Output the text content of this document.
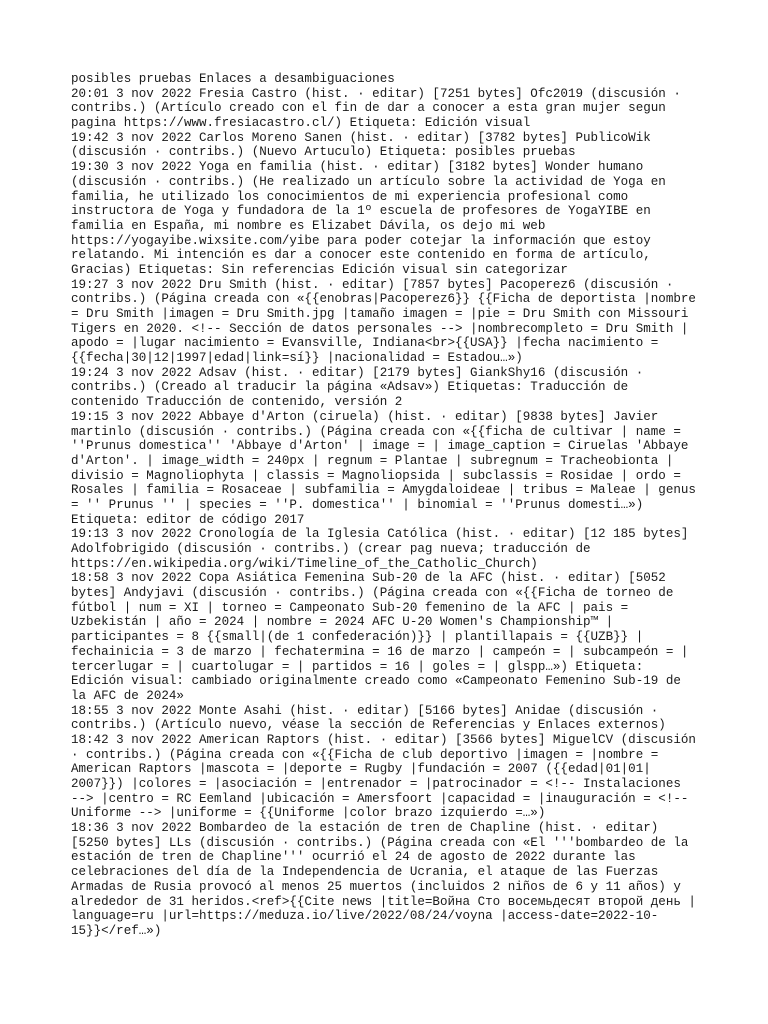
posibles pruebas Enlaces a desambiguaciones

20:01 3 nov 2022 Fresia Castro (hist. · editar) [7251 bytes] Ofc2019 (discusión ·

contribs.) (Artículo creado con el fin de dar a conocer a esta gran mujer segun

pagina https://www.fresiacastro.cl/) Etiqueta: Edición visual

19:42 3 nov 2022 Carlos Moreno Sanen (hist. · editar) [3782 bytes] PublicoWik

(discusión · contribs.) (Nuevo Artuculo) Etiqueta: posibles pruebas

19:30 3 nov 2022 Yoga en familia (hist. · editar) [3182 bytes] Wonder humano

(discusión · contribs.) (He realizado un artículo sobre la actividad de Yoga en

familia, he utilizado los conocimientos de mi experiencia profesional como

instructora de Yoga y fundadora de la 1º escuela de profesores de YogaYIBE en

familia en España, mi nombre es Elizabet Dávila, os dejo mi web

https://yogayibe.wixsite.com/yibe para poder cotejar la información que estoy

relatando. Mi intención es dar a conocer este contenido en forma de artículo,

Gracias) Etiquetas: Sin referencias Edición visual sin categorizar

19:27 3 nov 2022 Dru Smith (hist. · editar) [7857 bytes] Pacoperez6 (discusión ·

contribs.) (Página creada con «{{enobras|Pacoperez6}} {{Ficha de deportista |nombre

= Dru Smith |imagen = Dru Smith.jpg |tamaño imagen = |pie = Dru Smith con Missouri

Tigers en 2020. <!-- Sección de datos personales --> |nombrecompleto = Dru Smith |

apodo = |lugar nacimiento = Evansville, Indiana<br>{{USA}} |fecha nacimiento =

{{fecha|30|12|1997|edad|link=sí}} |nacionalidad = Estadou…»)

19:24 3 nov 2022 Adsav (hist. · editar) [2179 bytes] GiankShy16 (discusión ·

contribs.) (Creado al traducir la página «Adsav») Etiquetas: Traducción de

contenido Traducción de contenido, versión 2

19:15 3 nov 2022 Abbaye d'Arton (ciruela) (hist. · editar) [9838 bytes] Javier

martinlo (discusión · contribs.) (Página creada con «{{ficha de cultivar | name =

''Prunus domestica'' 'Abbaye d'Arton' | image = | image_caption = Ciruelas 'Abbaye

d'Arton'. | image_width = 240px | regnum = Plantae | subregnum = Tracheobionta |

divisio = Magnoliophyta | classis = Magnoliopsida | subclassis = Rosidae | ordo =

Rosales | familia = Rosaceae | subfamilia = Amygdaloideae | tribus = Maleae | genus

= '' Prunus '' | species = ''P. domestica'' | binomial = ''Prunus domesti…»)

Etiqueta: editor de código 2017

19:13 3 nov 2022 Cronología de la Iglesia Católica (hist. · editar) [12 185 bytes]

Adolfobrigido (discusión · contribs.) (crear pag nueva; traducción de

https://en.wikipedia.org/wiki/Timeline_of_the_Catholic_Church)

18:58 3 nov 2022 Copa Asiática Femenina Sub-20 de la AFC (hist. · editar) [5052

bytes] Andyjavi (discusión · contribs.) (Página creada con «{{Ficha de torneo de

fútbol | num = XI | torneo = Campeonato Sub-20 femenino de la AFC | pais =

Uzbekistán | año = 2024 | nombre = 2024 AFC U-20 Women's Championship™ |

participantes = 8 {{small|(de 1 confederación)}} | plantillapais = {{UZB}} |

fechainicia = 3 de marzo | fechatermina = 16 de marzo | campeón = | subcampeón = |

tercerlugar = | cuartolugar = | partidos = 16 | goles = | glspp…») Etiqueta:

Edición visual: cambiado originalmente creado como «Campeonato Femenino Sub-19 de

la AFC de 2024»

18:55 3 nov 2022 Monte Asahi (hist. · editar) [5166 bytes] Anidae (discusión ·

contribs.) (Artículo nuevo, véase la sección de Referencias y Enlaces externos)

18:42 3 nov 2022 American Raptors (hist. · editar) [3566 bytes] MiguelCV (discusión

· contribs.) (Página creada con «{{Ficha de club deportivo |imagen = |nombre =

American Raptors |mascota = |deporte = Rugby |fundación = 2007 ({{edad|01|01|

2007}}) |colores = |asociación = |entrenador = |patrocinador = <!-- Instalaciones

--> |centro = RC Eemland |ubicación = Amersfoort |capacidad = |inauguración = <!--

Uniforme --> |uniforme = {{Uniforme |color brazo izquierdo =…»)

18:36 3 nov 2022 Bombardeo de la estación de tren de Chapline (hist. · editar)

[5250 bytes] LLs (discusión · contribs.) (Página creada con «El '''bombardeo de la

estación de tren de Chapline''' ocurrió el 24 de agosto de 2022 durante las

celebraciones del día de la Independencia de Ucrania, el ataque de las Fuerzas

Armadas de Rusia provocó al menos 25 muertos (incluidos 2 niños de 6 y 11 años) y

alrededor de 31 heridos.<ref>{{Cite news |title=Война Сто восемьдесят второй день |

language=ru |url=https://meduza.io/live/2022/08/24/voyna |access-date=2022-10-

15}}</ref…»)
